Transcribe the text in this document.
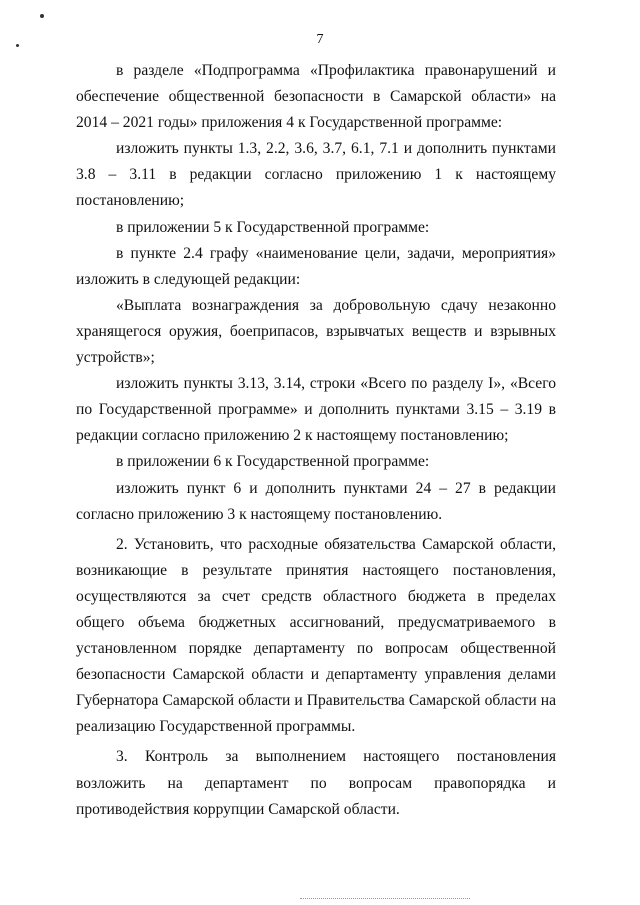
7

в разделе «Подпрограмма «Профилактика правонарушений и обеспечение общественной безопасности в Самарской области» на 2014 – 2021 годы» приложения 4 к Государственной программе:

изложить пункты 1.3, 2.2, 3.6, 3.7, 6.1, 7.1 и дополнить пунктами 3.8 – 3.11 в редакции согласно приложению 1 к настоящему постановлению;

в приложении 5 к Государственной программе:

в пункте 2.4 графу «наименование цели, задачи, мероприятия» изложить в следующей редакции:

«Выплата вознаграждения за добровольную сдачу незаконно хранящегося оружия, боеприпасов, взрывчатых веществ и взрывных устройств»;

изложить пункты 3.13, 3.14, строки «Всего по разделу I», «Всего по Государственной программе» и дополнить пунктами 3.15 – 3.19 в редакции согласно приложению 2 к настоящему постановлению;

в приложении 6 к Государственной программе:

изложить пункт 6 и дополнить пунктами 24 – 27 в редакции согласно приложению 3 к настоящему постановлению.

2. Установить, что расходные обязательства Самарской области, возникающие в результате принятия настоящего постановления, осуществляются за счет средств областного бюджета в пределах общего объема бюджетных ассигнований, предусматриваемого в установленном порядке департаменту по вопросам общественной безопасности Самарской области и департаменту управления делами Губернатора Самарской области и Правительства Самарской области на реализацию Государственной программы.

3. Контроль за выполнением настоящего постановления возложить на департамент по вопросам правопорядка и противодействия коррупции Самарской области.
